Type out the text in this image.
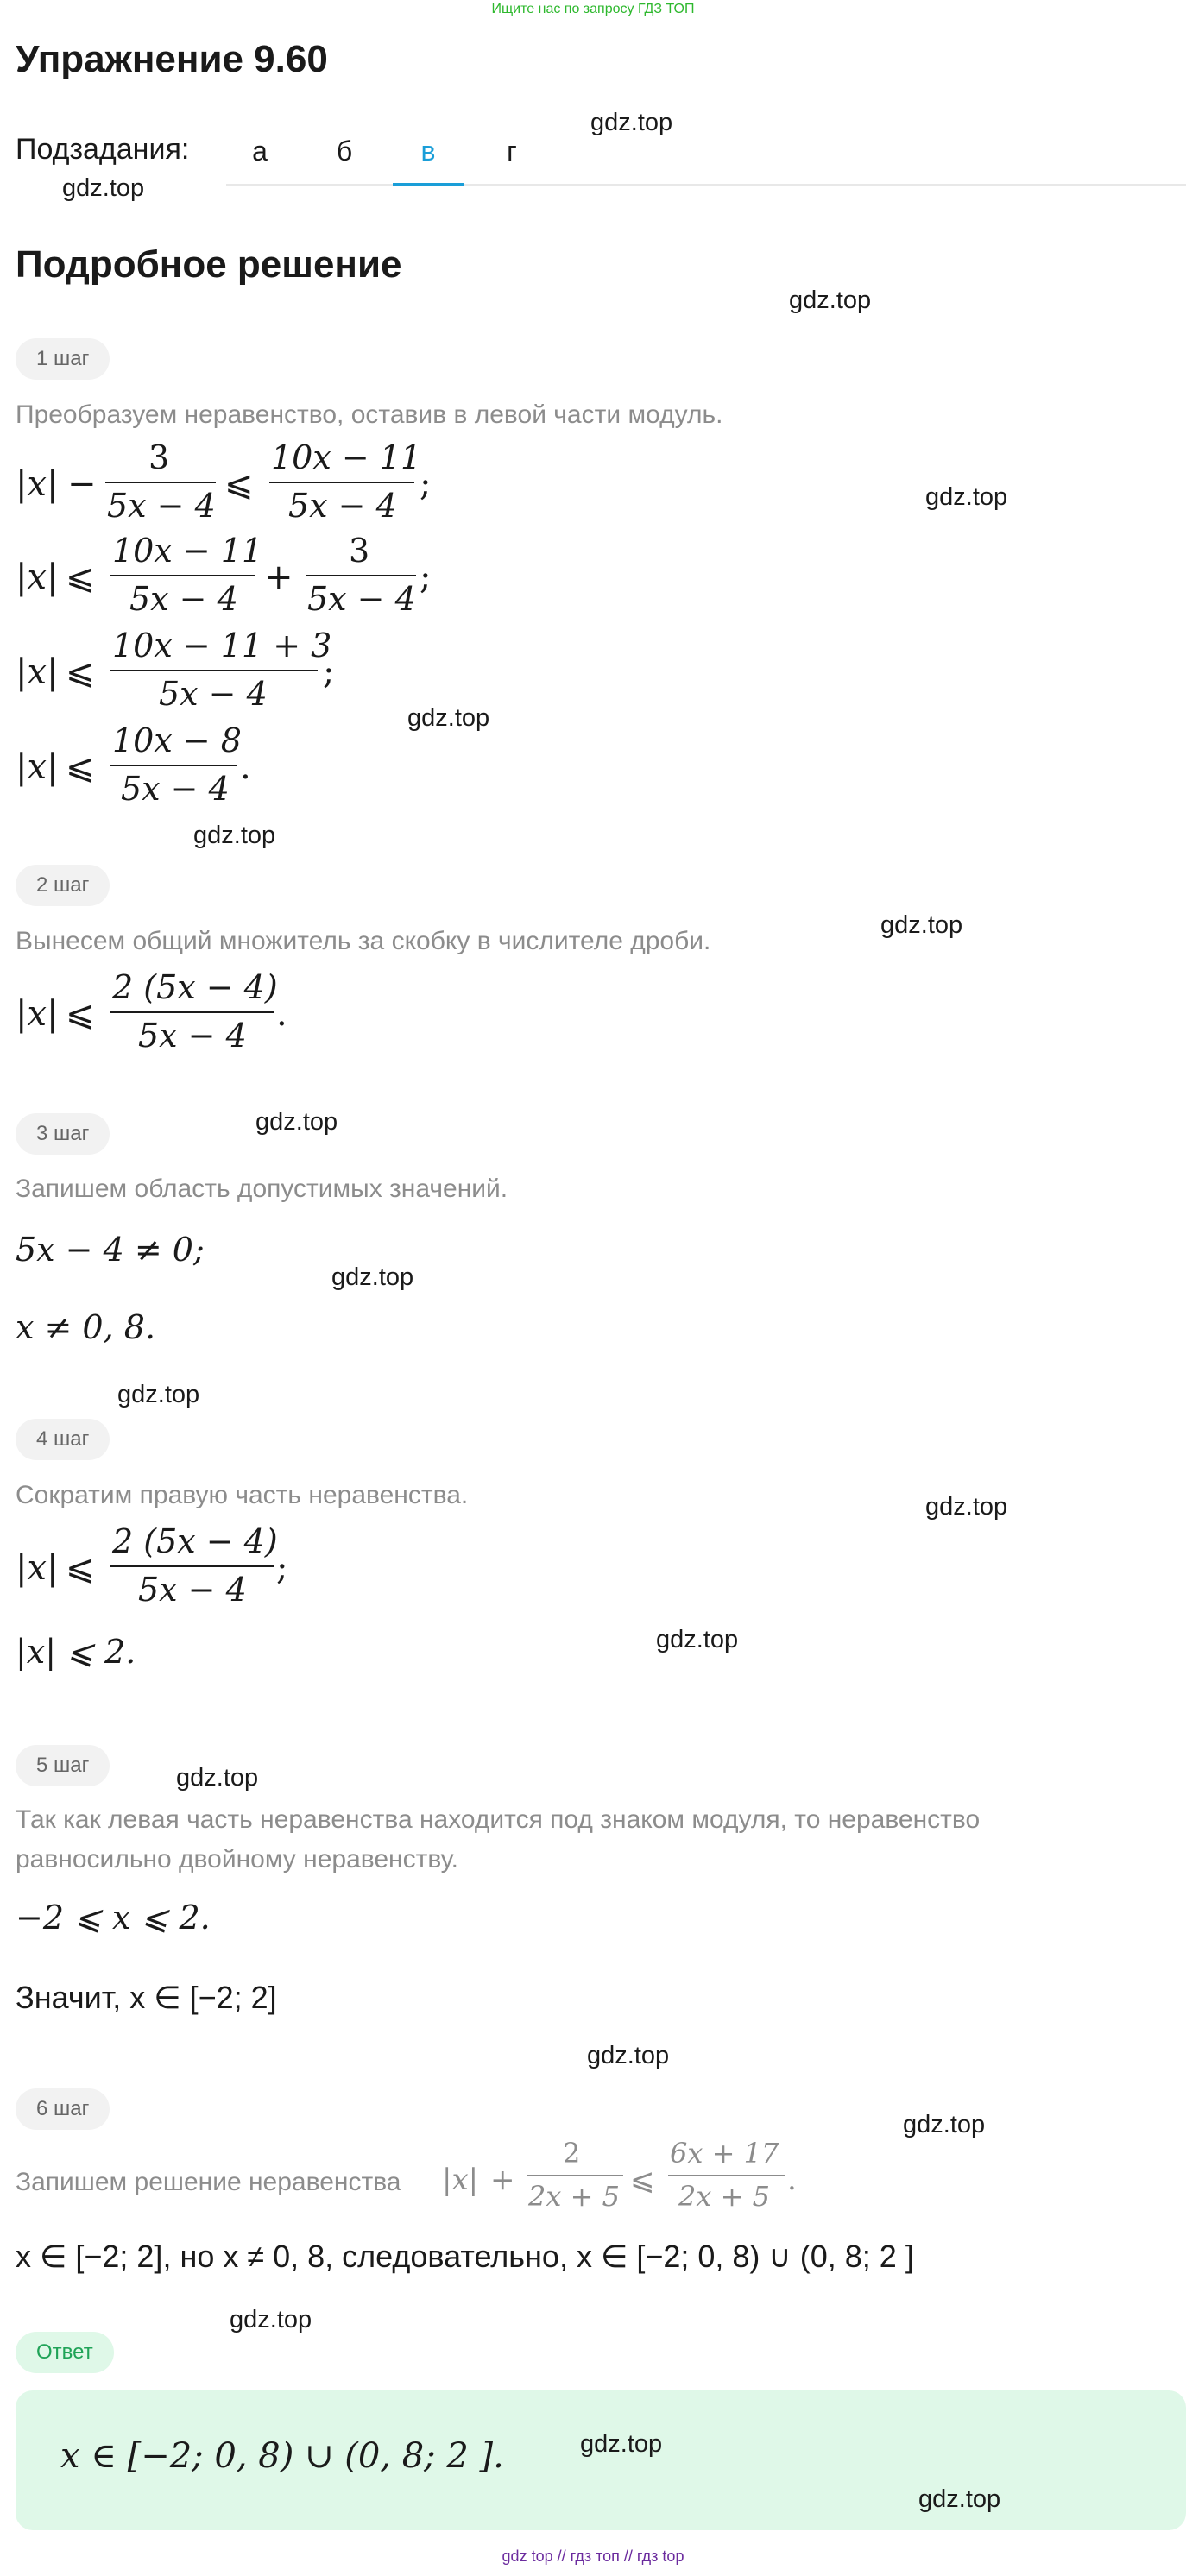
Ищите нас по запросу ГДЗ ТОП
Упражнение 9.60
Подзадания:	а	б	в	г
Подробное решение
1 шаг
Преобразуем неравенство, оставив в левой части модуль.
|x| −
3
5x − 4
⩽
10x − 11
5x − 4
;
|x| ⩽
10x − 11
5x − 4
+
3
5x − 4
;
|x| ⩽
10x − 11 + 3
5x − 4
;
|x| ⩽
10x − 8
5x − 4
.
2 шаг
Вынесем общий множитель за скобку в числителе дроби.
|x| ⩽
2 (5x − 4)
5x − 4
.
3 шаг
Запишем область допустимых значений.
5x − 4 ≠ 0;
x ≠ 0, 8.
4 шаг
Сократим правую часть неравенства.
|x| ⩽
2 (5x − 4)
5x − 4
;
|x| ⩽ 2.
5 шаг
Так как левая часть неравенства находится под знаком модуля, то неравенство равносильно двойному неравенству.
−2 ⩽ x ⩽ 2.
Значит, x ∈ [−2; 2]
6 шаг
Запишем решение неравенства |x| +
2
2x + 5 ⩽
6x + 17
2x + 5 .
x ∈ [−2; 2], но x ≠ 0, 8, следовательно, x ∈ [−2; 0, 8) ∪ (0, 8; 2 ]
Ответ
x ∈ [−2; 0, 8) ∪ (0, 8; 2 ].
gdz.top
gdz.top
gdz.top
gdz.top
gdz.top
gdz.top
gdz.top
gdz.top
gdz.top
gdz.top
gdz.top
gdz.top
gdz.top
gdz.top
gdz.top
gdz.top
gdz.top
gdz.top
gdz top // гдз топ // гдз top
